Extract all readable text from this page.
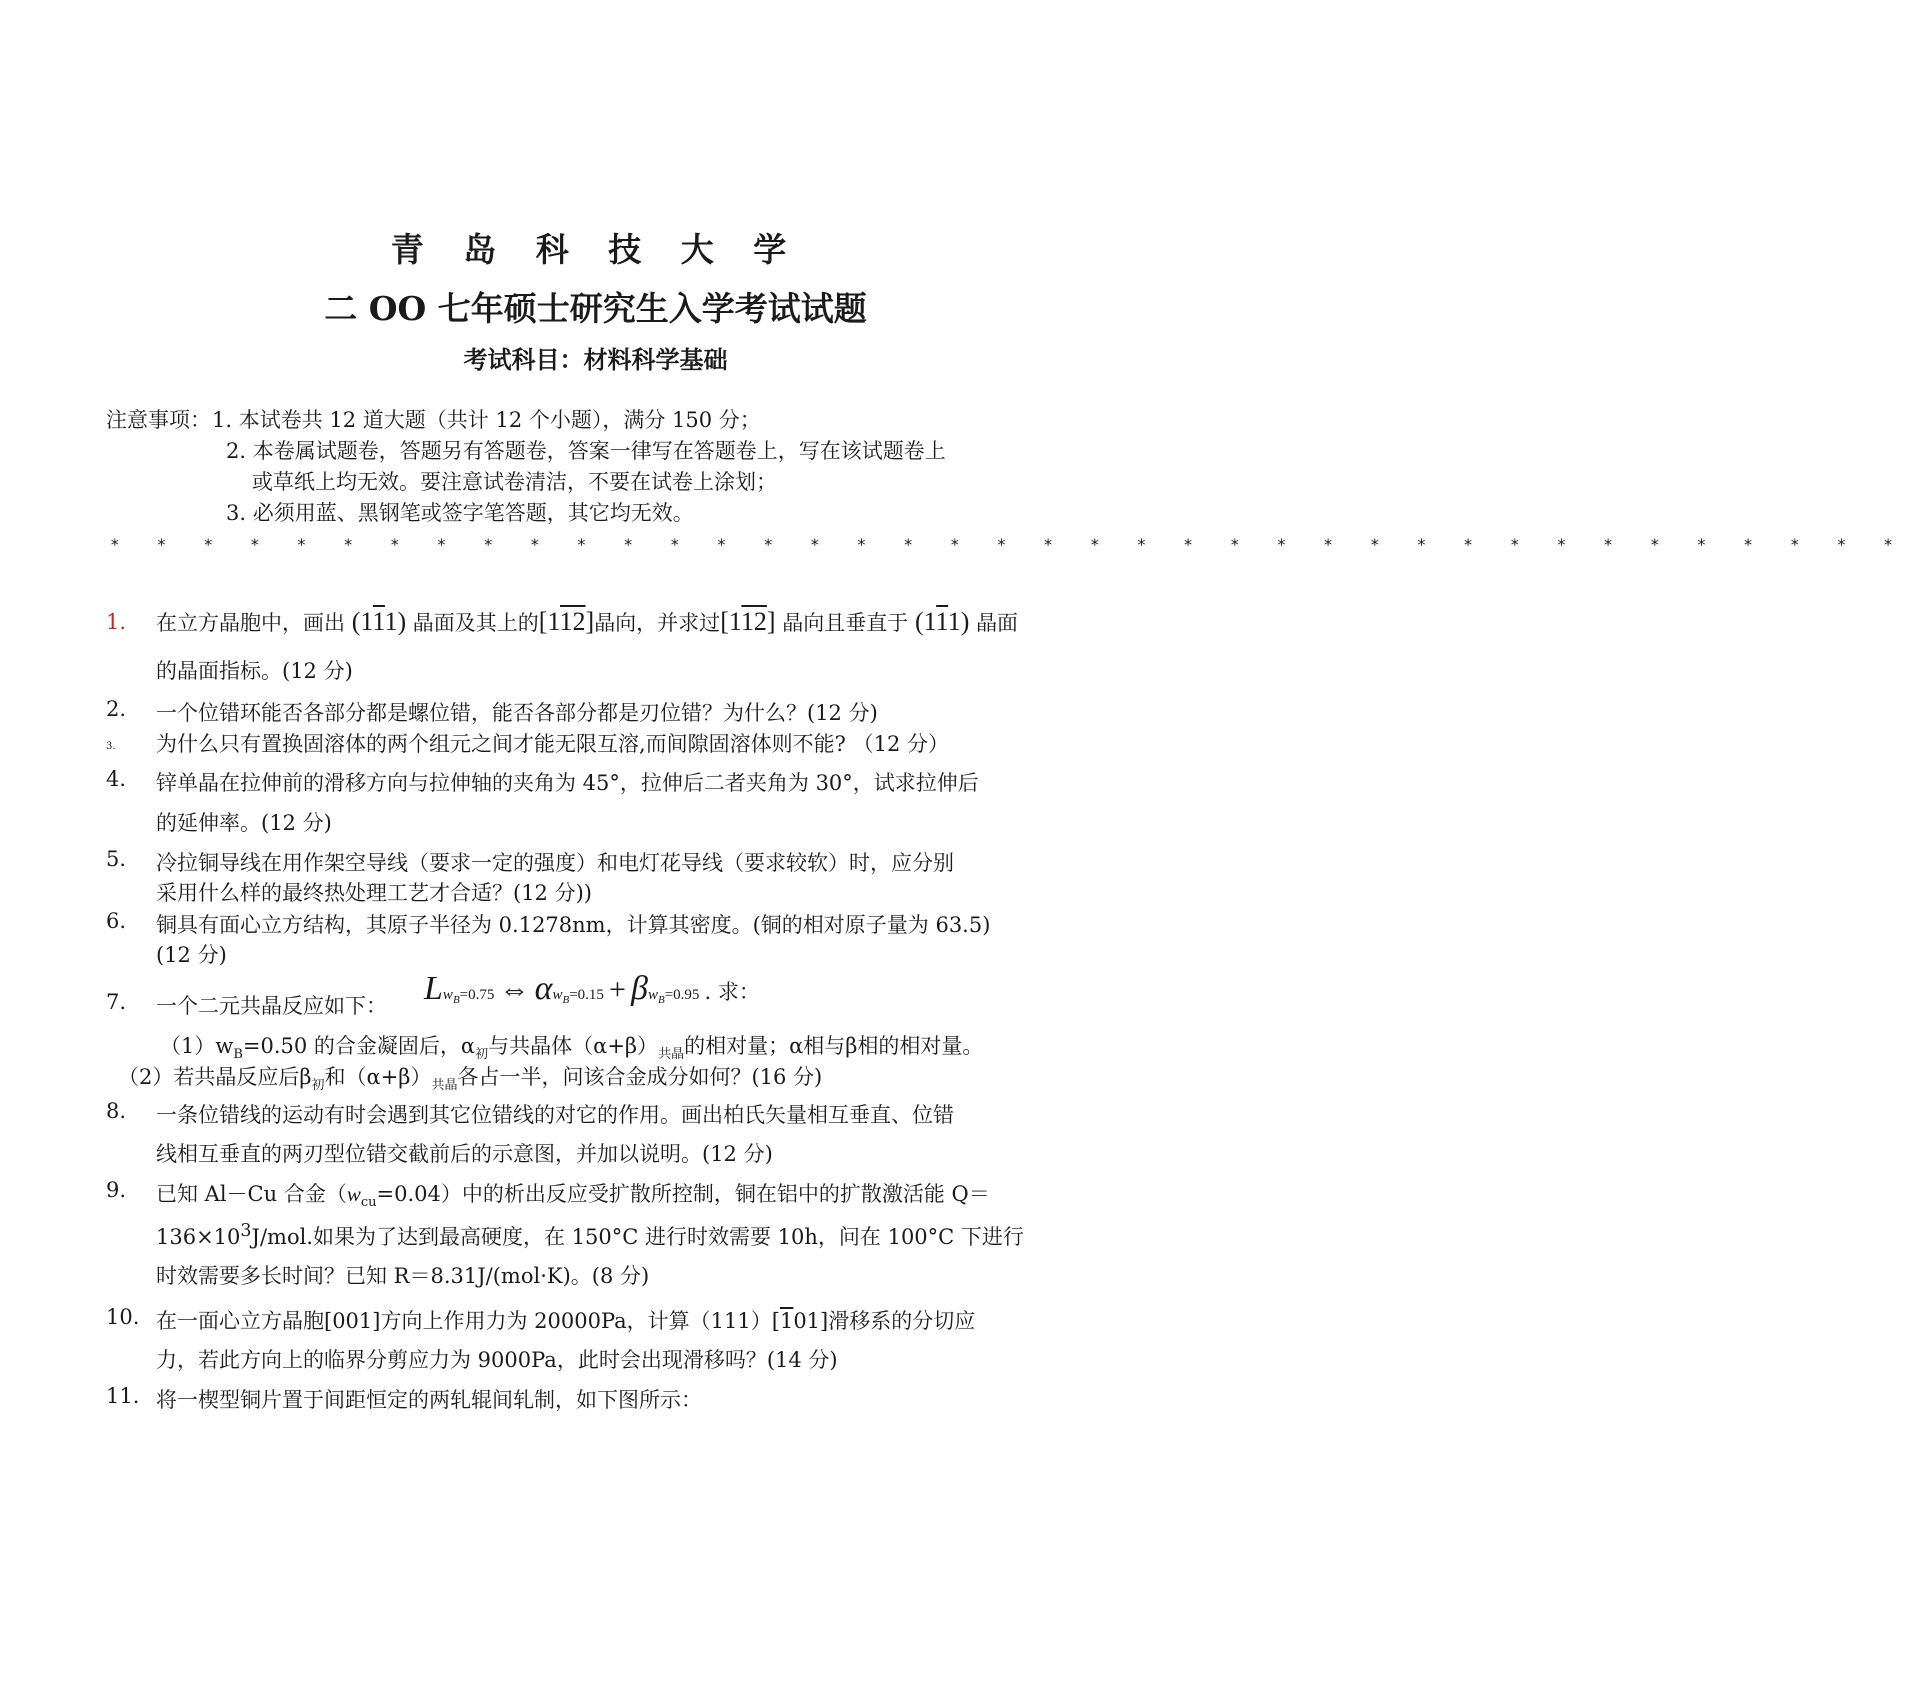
青 岛 科 技 大 学
二 OO 七年硕士研究生入学考试试题
考试科目：材料科学基础
注意事项： 1. 本试卷共 12 道大题（共计 12 个小题），满分 150 分；
2. 本卷属试题卷，答题另有答题卷，答案一律写在答题卷上，写在该试题卷上
或草纸上均无效。要注意试卷清洁，不要在试卷上涂划；
3. 必须用蓝、黑钢笔或签字笔答题，其它均无效。
* * * * * * * * * * * * * * * * * * * * * * * * * * * * * * * * * * * * * * *
1. 在立方晶胞中，画出 (111) 晶面及其上的[112]晶向，并求过[112] 晶向且垂直于 (111) 晶面
的晶面指标。(12 分)
2. 一个位错环能否各部分都是螺位错，能否各部分都是刃位错？为什么？(12 分)
3. 为什么只有置换固溶体的两个组元之间才能无限互溶,而间隙固溶体则不能? （12 分）
4. 锌单晶在拉伸前的滑移方向与拉伸轴的夹角为 45°，拉伸后二者夹角为 30°，试求拉伸后
的延伸率。(12 分)
5. 冷拉铜导线在用作架空导线（要求一定的强度）和电灯花导线（要求较软）时，应分别
采用什么样的最终热处理工艺才合适？(12 分))
6. 铜具有面心立方结构，其原子半径为 0.1278nm，计算其密度。(铜的相对原子量为 63.5)
(12 分)
7. 一个二元共晶反应如下： $Lw_B=0.75$ ⇔ $\alpha w_B=0.15 + \beta w_B=0.95$ . 求：
$(1)w_B=0.50$ 的合金凝固后，$\alpha_初$与共晶体$(\alpha+\beta)_{共晶}$的相对量；α相与β相的相对量。
（2）若共晶反应后$\beta_初$和$(\alpha+\beta)_{共晶}$各占一半，问该合金成分如何？(16 分)
8. 一条位错线的运动有时会遇到其它位错线的对它的作用。画出柏氏矢量相互垂直、位错
线相互垂直的两刃型位错交截前后的示意图，并加以说明。(12 分)
9. 已知 Al－Cu 合金$(w_{cu}=0.04)$中的析出反应受扩散所控制，铜在铝中的扩散激活能 Q＝
$136\times 10^3J$/mol.如果为了达到最高硬度，在 150°C 进行时效需要 10h，问在 100°C 下进行
时效需要多长时间？已知 R＝8.31J/(mol·K)。(8 分)
10. 在一面心立方晶胞[001]方向上作用力为 20000Pa，计算（111）[101]滑移系的分切应
力，若此方向上的临界分剪应力为 9000Pa，此时会出现滑移吗？(14 分)
11. 将一楔型铜片置于间距恒定的两轧辊间轧制，如下图所示：
